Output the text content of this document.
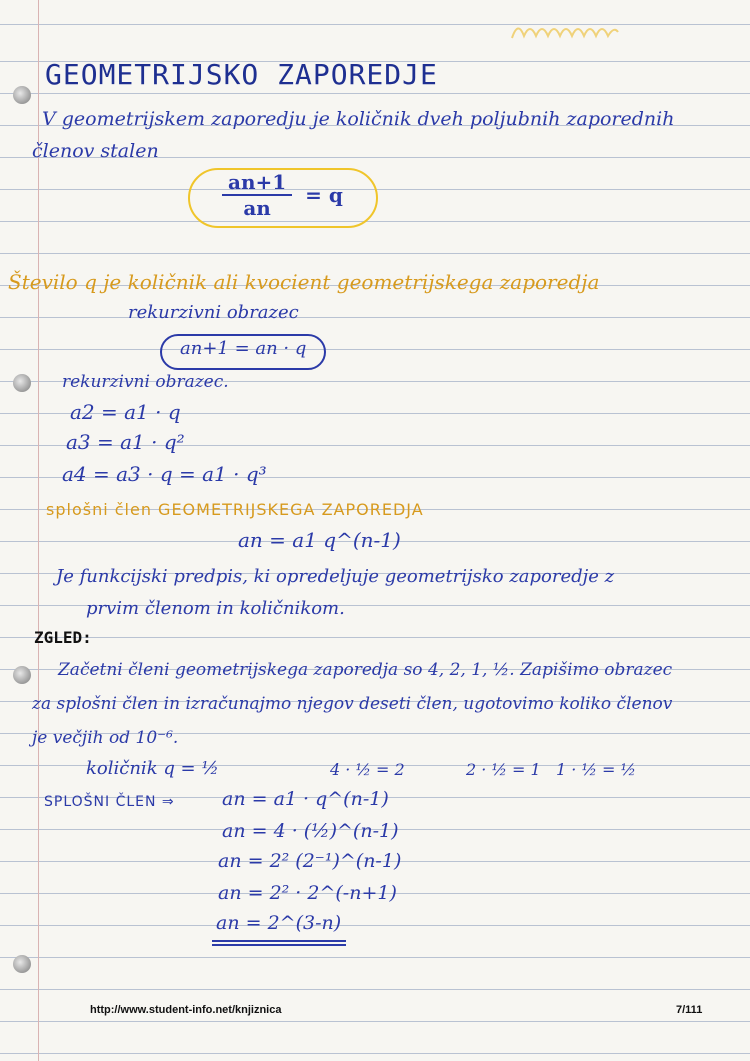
GEOMETRIJSKO ZAPOREDJE
V geometrijskem zaporedju je količnik dveh poljubnih zaporednih
členov stalen
$\frac{an+1}{an} = q$
Število q je količnik ali kvocient geometrijskega zaporedja
rekurzivni obrazec
an+1 = an · q
rekurzivni obrazec.
a2 = a1 · q
a3 = a1 · q²
a4 = a3 · q = a1 · q³
splošni člen GEOMETRIJSKEGA ZAPOREDJA
an = a1 q^(n-1)
Je funkcijski predpis, ki opredeljuje geometrijsko zaporedje z
prvim členom in količnikom.
ZGLED:
Začetni členi geometrijskega zaporedja so 4, 2, 1, ½. Zapišimo obrazec
za splošni člen in izračunajmo njegov deseti člen, ugotovimo koliko členov
je večjih od 10⁻⁶.
količnik q = ½	4 · ½ = 2	2 · ½ = 1 1 · ½ = ½
SPLOŠNI ČLEN ⇒ an = a1 · q^(n-1)
an = 4 · (½)^(n-1)
an = 2² (2⁻¹)^(n-1)
an = 2² · 2^(-n+1)
an = 2^(3-n)
http://www.student-info.net/knjiznica	7/111
